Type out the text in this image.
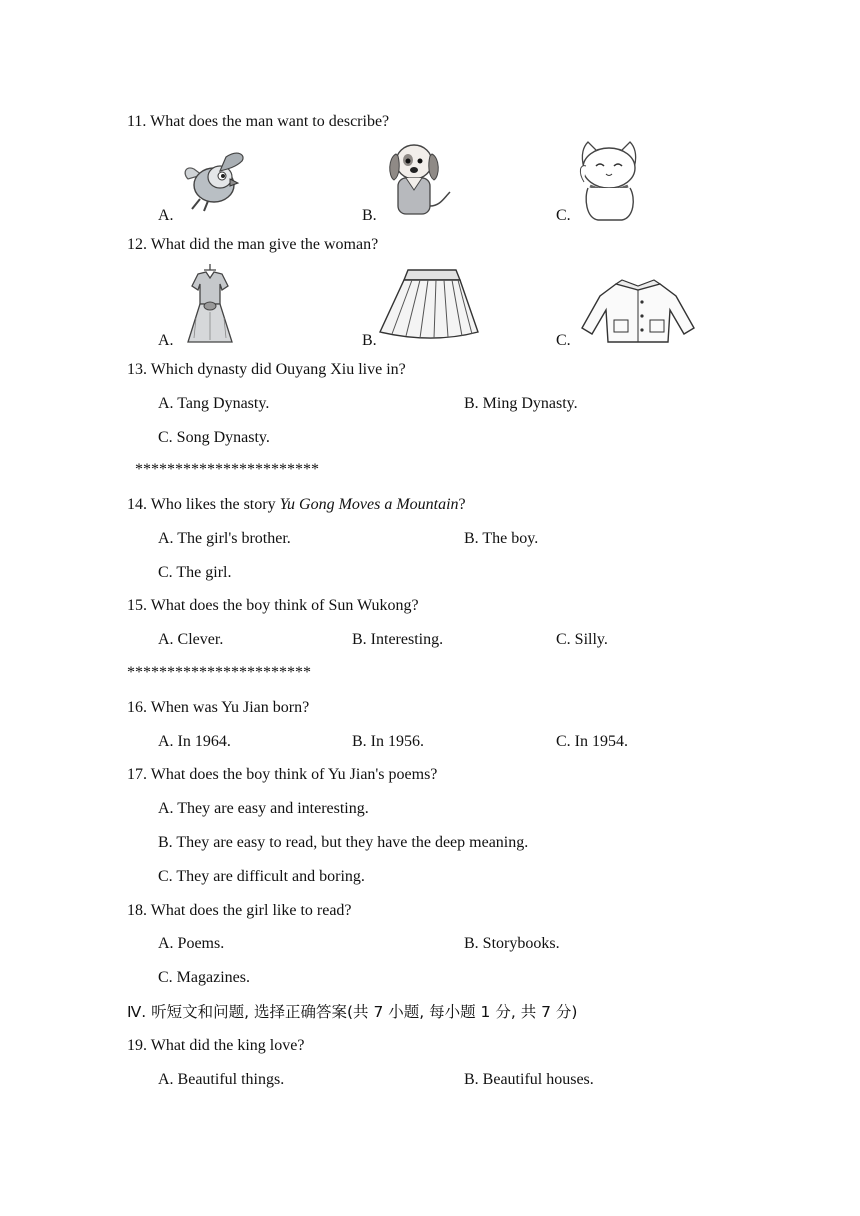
11. What does the man want to describe?
A.	B.	C.
12. What did the man give the woman?
A.	B.	C.
13. Which dynasty did Ouyang Xiu live in?
A. Tang Dynasty.	B. Ming Dynasty.
C. Song Dynasty.
***********************
14. Who likes the story Yu Gong Moves a Mountain?
A. The girl's brother.	B. The boy.
C. The girl.
15. What does the boy think of Sun Wukong?
A. Clever.	B. Interesting.	C. Silly.
***********************
16. When was Yu Jian born?
A. In 1964.	B. In 1956.	C. In 1954.
17. What does the boy think of Yu Jian's poems?
A. They are easy and interesting.
B. They are easy to read, but they have the deep meaning.
C. They are difficult and boring.
18. What does the girl like to read?
A. Poems.	B. Storybooks.
C. Magazines.
Ⅳ. 听短文和问题, 选择正确答案(共 7 小题, 每小题 1 分, 共 7 分)
19. What did the king love?
A. Beautiful things.	B. Beautiful houses.
